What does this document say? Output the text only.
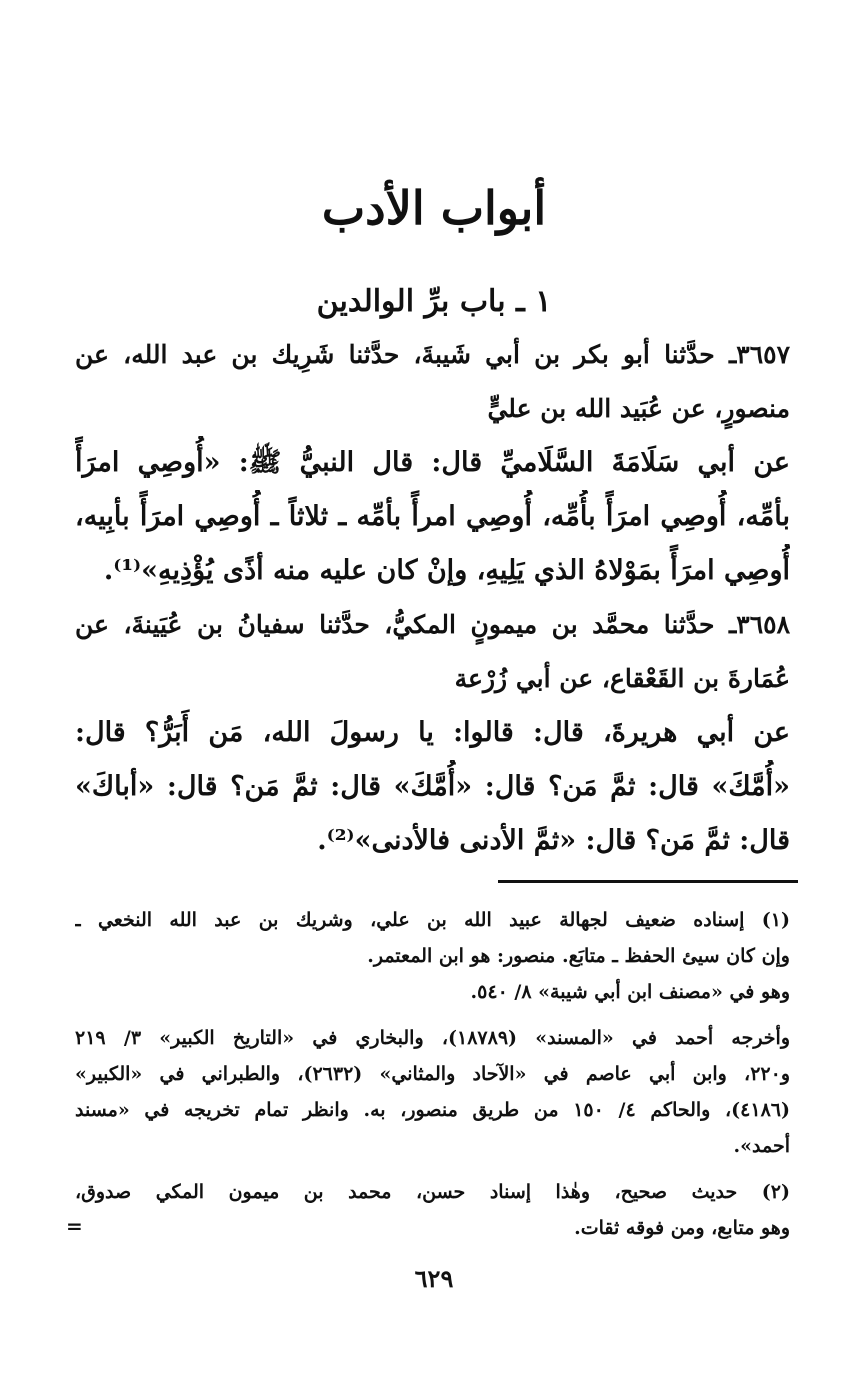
أبواب الأدب
١ ـ باب برِّ الوالدين
٣٦٥٧ـ حدَّثنا أبو بكر بن أبي شَيبةَ، حدَّثنا شَرِيك بن عبد الله، عن
منصورٍ، عن عُبَيد الله بن عليٍّ
عن أبي سَلَامَةَ السَّلَاميِّ قال: قال النبيُّ ﷺ: «أُوصِي امرَأً
بأمِّه، أُوصِي امرَأً بأُمِّه، أُوصِي امرأً بأمِّه ـ ثلاثاً ـ أُوصِي امرَأً بأبِيه،
أُوصِي امرَأً بمَوْلاهُ الذي يَلِيهِ، وإنْ كان عليه منه أذًى يُؤْذِيهِ»⁽¹⁾.
٣٦٥٨ـ حدَّثنا محمَّد بن ميمونٍ المكيُّ، حدَّثنا سفيانُ بن عُيَينةَ، عن
عُمَارةَ بن القَعْقاع، عن أبي زُرْعة
عن أبي هريرةَ، قال: قالوا: يا رسولَ الله، مَن أَبَرُّ؟ قال:
«أُمَّكَ» قال: ثمَّ مَن؟ قال: «أُمَّكَ» قال: ثمَّ مَن؟ قال: «أباكَ»
قال: ثمَّ مَن؟ قال: «ثمَّ الأدنى فالأدنى»⁽²⁾.
(١) إسناده ضعيف لجهالة عبيد الله بن علي، وشريك بن عبد الله النخعي ـ
وإن كان سيئ الحفظ ـ متابَع. منصور: هو ابن المعتمر.
وهو في «مصنف ابن أبي شيبة» ٨/ ٥٤٠.
وأخرجه أحمد في «المسند» (١٨٧٨٩)، والبخاري في «التاريخ الكبير» ٣/ ٢١٩
و٢٢٠، وابن أبي عاصم في «الآحاد والمثاني» (٢٦٣٢)، والطبراني في «الكبير»
(٤١٨٦)، والحاكم ٤/ ١٥٠ من طريق منصور، به. وانظر تمام تخريجه في «مسند
أحمد».
(٢) حديث صحيح، وهٰذا إسناد حسن، محمد بن ميمون المكي صدوق،
وهو متابع، ومن فوقه ثقات.
=
٦٢٩
